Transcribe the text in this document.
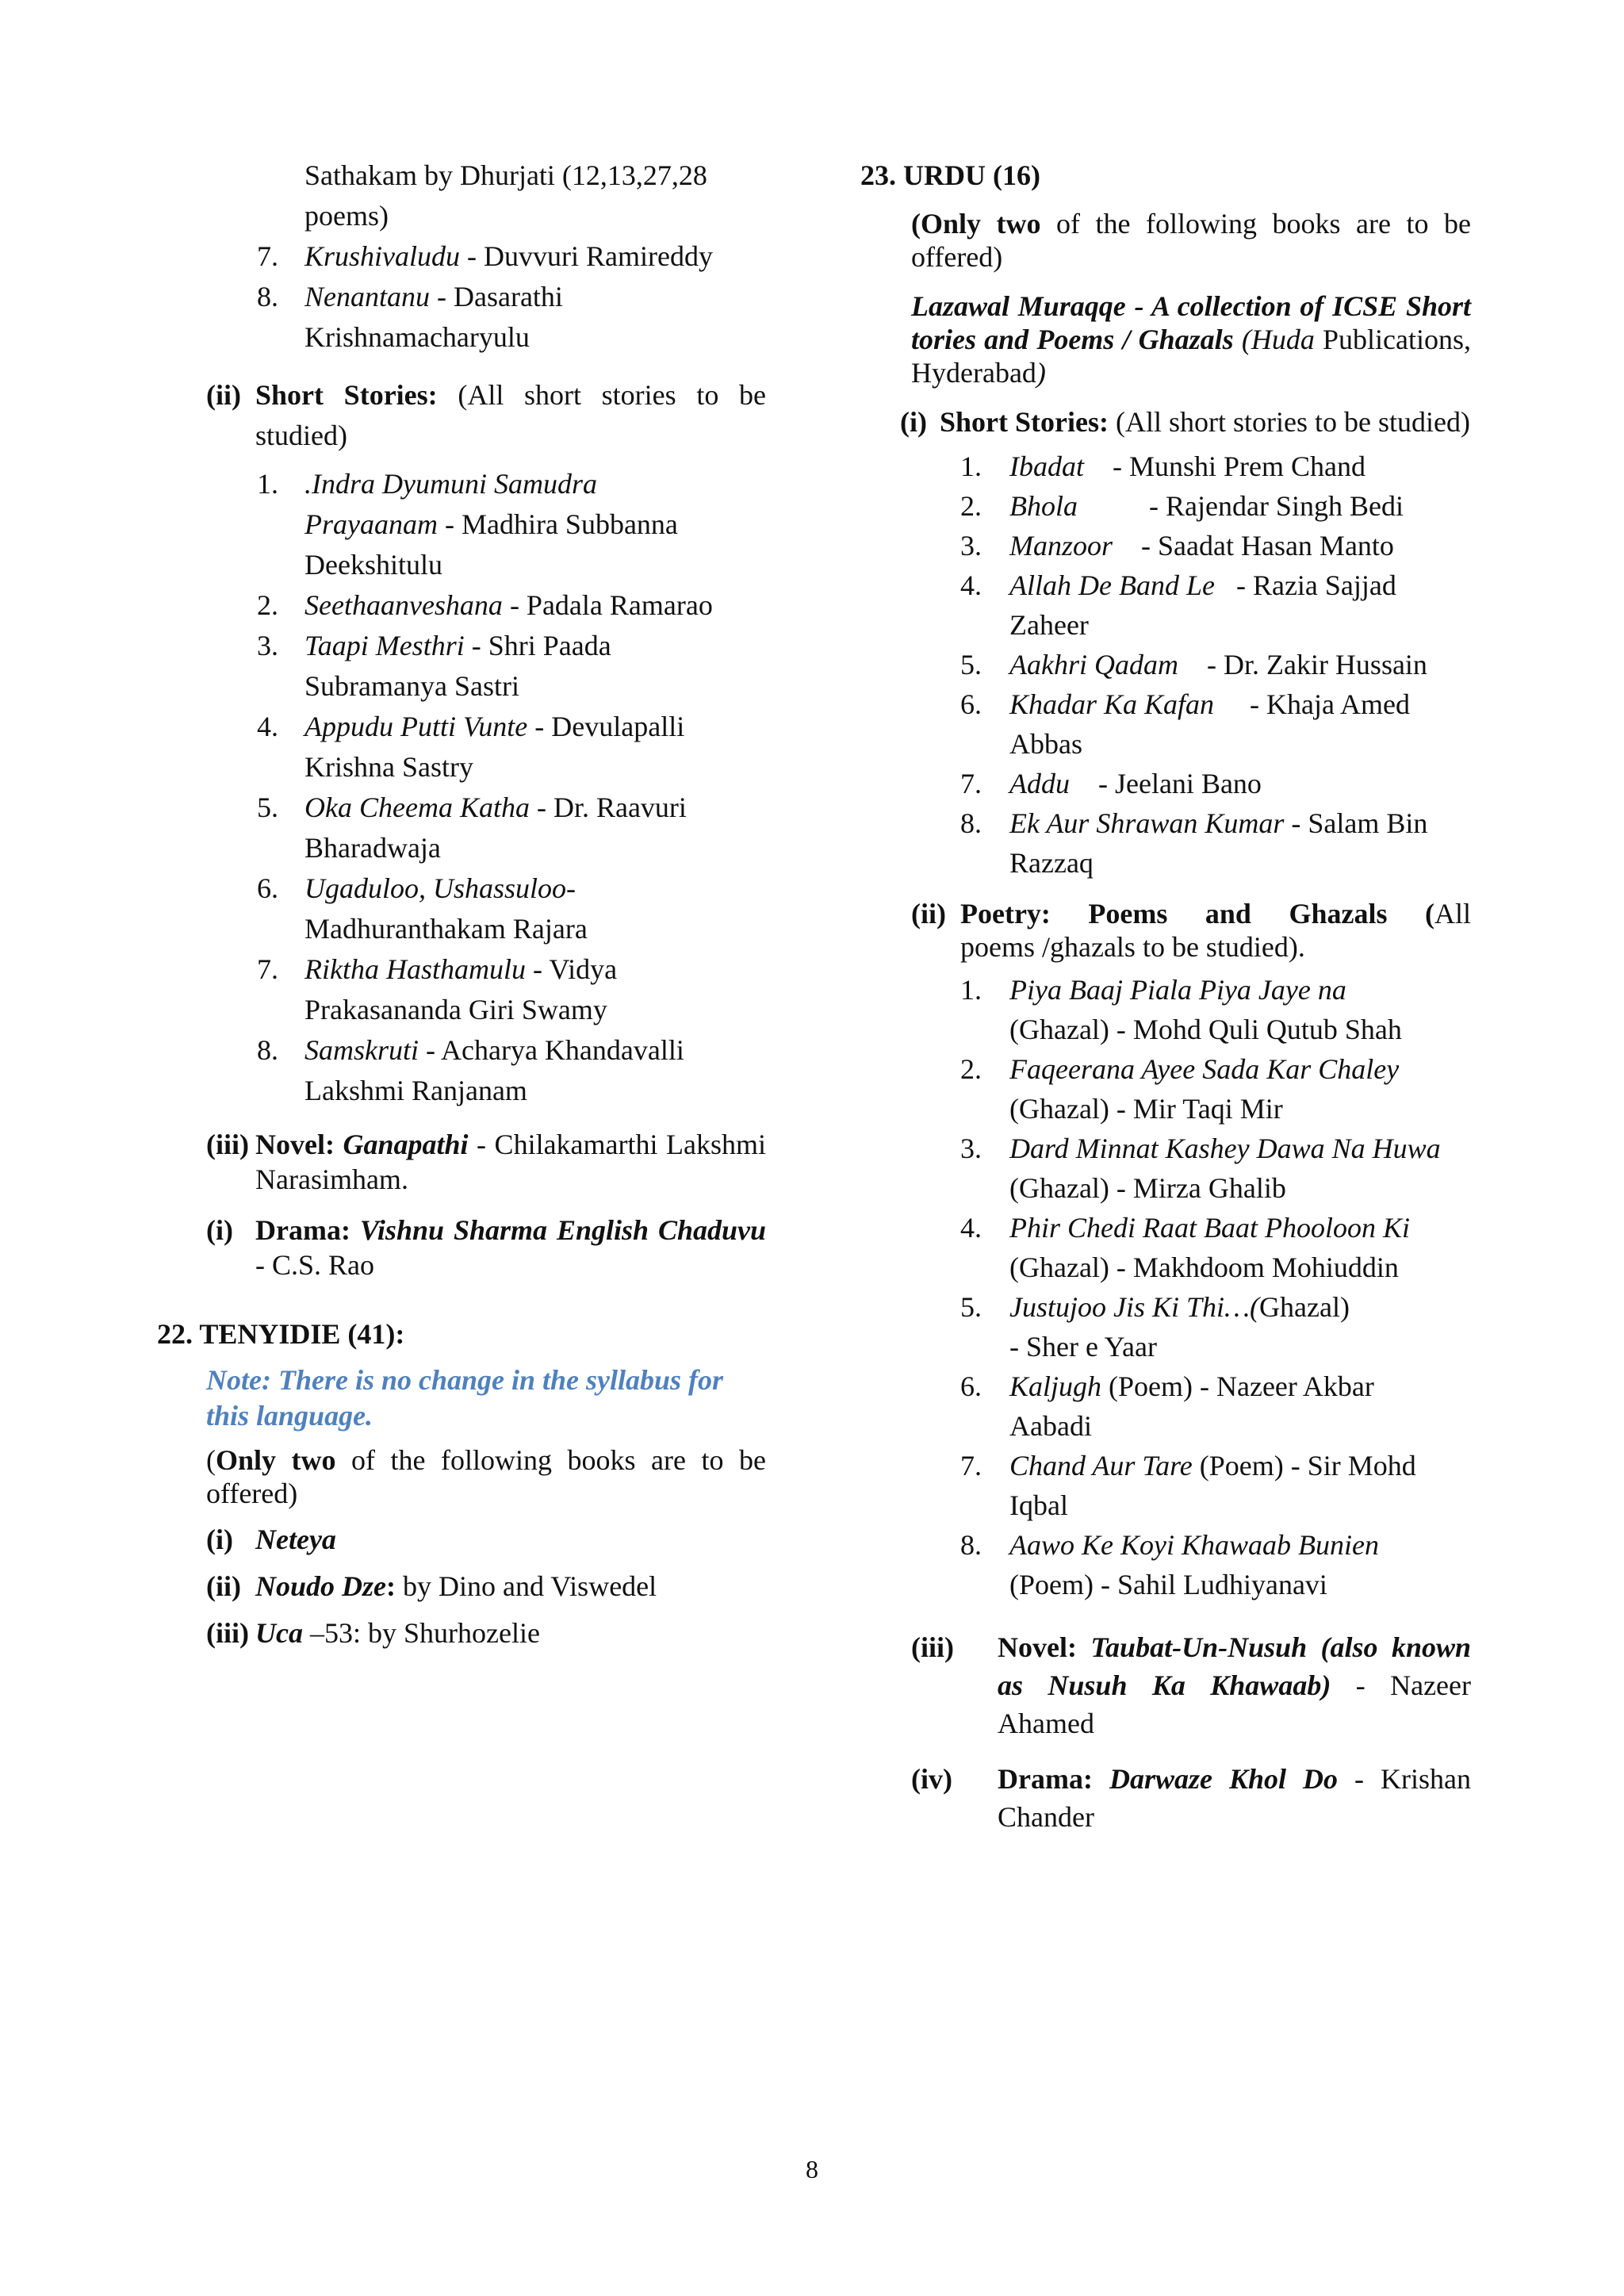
Sathakam by Dhurjati (12,13,27,28
poems)
7. Krushivaludu - Duvvuri Ramireddy
8. Nenantanu - Dasarathi
Krishnamacharyulu
(ii) Short Stories: (All short stories to be studied)
1. .Indra Dyumuni Samudra
Prayaanam - Madhira Subbanna
Deekshitulu
2. Seethaanveshana - Padala Ramarao
3. Taapi Mesthri - Shri Paada
Subramanya Sastri
4. Appudu Putti Vunte - Devulapalli
Krishna Sastry
5. Oka Cheema Katha - Dr. Raavuri
Bharadwaja
6. Ugaduloo, Ushassuloo-
Madhuranthakam Rajara
7. Riktha Hasthamulu - Vidya
Prakasananda Giri Swamy
8. Samskruti - Acharya Khandavalli
Lakshmi Ranjanam
(iii) Novel: Ganapathi - Chilakamarthi Lakshmi Narasimham.
(i) Drama: Vishnu Sharma English Chaduvu - C.S. Rao
22. TENYIDIE (41):
Note: There is no change in the syllabus for this language.
(Only two of the following books are to be offered)
(i) Neteya
(ii) Noudo Dze: by Dino and Viswedel
(iii) Uca –53: by Shurhozelie
23. URDU (16)
(Only two of the following books are to be offered)
Lazawal Muraqqe - A collection of ICSE Short tories and Poems / Ghazals (Huda Publications, Hyderabad)
(i) Short Stories: (All short stories to be studied)
1. Ibadat    - Munshi Prem Chand
2. Bhola          - Rajendar Singh Bedi
3. Manzoor    - Saadat Hasan Manto
4. Allah De Band Le   - Razia Sajjad
Zaheer
5. Aakhri Qadam    - Dr. Zakir Hussain
6. Khadar Ka Kafan     - Khaja Amed
Abbas
7. Addu    - Jeelani Bano
8. Ek Aur Shrawan Kumar - Salam Bin
Razzaq
(ii) Poetry:   Poems   and   Ghazals   (All poems /ghazals to be studied).
1. Piya Baaj Piala Piya Jaye na
(Ghazal) - Mohd Quli Qutub Shah
2. Faqeerana Ayee Sada Kar Chaley
(Ghazal) - Mir Taqi Mir
3. Dard Minnat Kashey Dawa Na Huwa
(Ghazal) - Mirza Ghalib
4. Phir Chedi Raat Baat Phooloon Ki
(Ghazal) - Makhdoom Mohiuddin
5. Justujoo Jis Ki Thi…(Ghazal)
- Sher e Yaar
6. Kaljugh (Poem) - Nazeer Akbar
Aabadi
7. Chand Aur Tare (Poem) - Sir Mohd
Iqbal
8. Aawo Ke Koyi Khawaab Bunien
(Poem) - Sahil Ludhiyanavi
(iii) Novel: Taubat-Un-Nusuh (also known as Nusuh Ka Khawaab) - Nazeer Ahamed
(iv) Drama: Darwaze Khol Do - Krishan Chander
8
